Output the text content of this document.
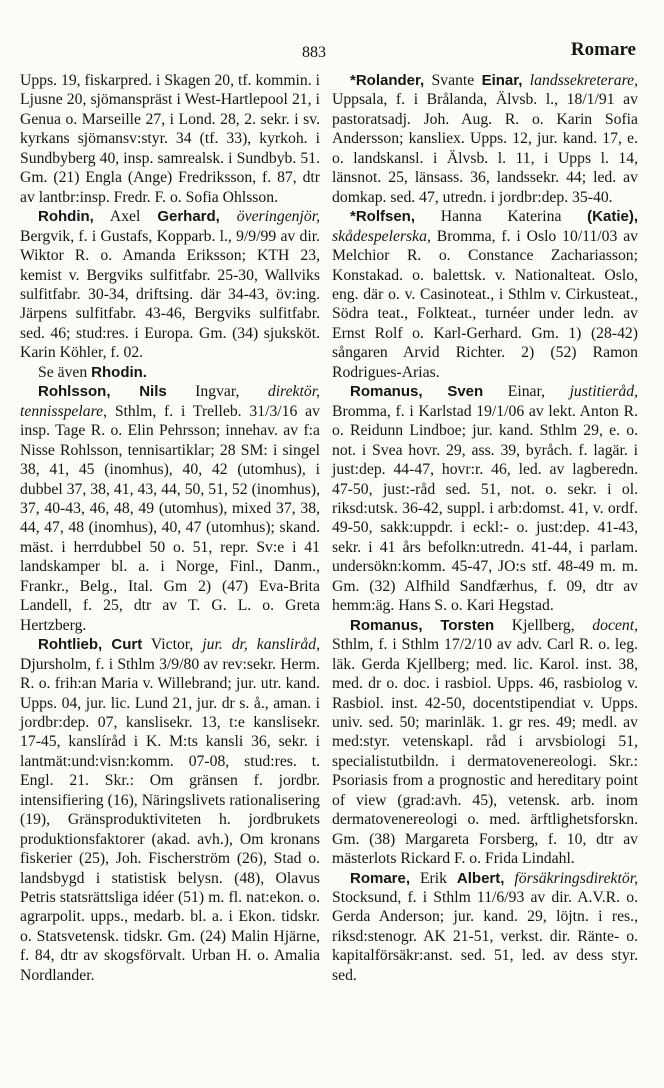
883	Romare

Upps. 19, fiskarpred. i Skagen 20, tf. kommin. i Ljusne 20, sjömanspräst i West-Hartlepool 21, i Genua o. Marseille 27, i Lond. 28, 2. sekr. i sv. kyrkans sjömansv:styr. 34 (tf. 33), kyrkoh. i Sundbyberg 40, insp. samrealsk. i Sundbyb. 51. Gm. (21) Engla (Ange) Fredriksson, f. 87, dtr av lantbr:insp. Fredr. F. o. Sofia Ohlsson.

Rohdin, Axel Gerhard, överingenjör, Bergvik, f. i Gustafs, Kopparb. l., 9/9/99 av dir. Wiktor R. o. Amanda Eriksson; KTH 23, kemist v. Bergviks sulfitfabr. 25-30, Wallviks sulfitfabr. 30-34, driftsing. där 34-43, öv:ing. Järpens sulfitfabr. 43-46, Bergviks sulfitfabr. sed. 46; stud:res. i Europa. Gm. (34) sjuksköt. Karin Köhler, f. 02.

Se även Rhodin.

Rohlsson, Nils Ingvar, direktör, tennisspelare, Sthlm, f. i Trelleb. 31/3/16 av insp. Tage R. o. Elin Pehrsson; innehav. av f:a Nisse Rohlsson, tennisartiklar; 28 SM: i singel 38, 41, 45 (inomhus), 40, 42 (utomhus), i dubbel 37, 38, 41, 43, 44, 50, 51, 52 (inomhus), 37, 40-43, 46, 48, 49 (utomhus), mixed 37, 38, 44, 47, 48 (inomhus), 40, 47 (utomhus); skand. mäst. i herrdubbel 50 o. 51, repr. Sv:e i 41 landskamper bl. a. i Norge, Finl., Danm., Frankr., Belg., Ital. Gm 2) (47) Eva-Brita Landell, f. 25, dtr av T. G. L. o. Greta Hertzberg.

Rohtlieb, Curt Victor, jur. dr, kansliråd, Djursholm, f. i Sthlm 3/9/80 av rev:sekr. Herm. R. o. frih:an Maria v. Willebrand; jur. utr. kand. Upps. 04, jur. lic. Lund 21, jur. dr s. å., aman. i jordbr:dep. 07, kanslisekr. 13, t:e kanslisekr. 17-45, kanslíråd i K. M:ts kansli 36, sekr. i lantmät:und:visn:komm. 07-08, stud:res. t. Engl. 21. Skr.: Om gränsen f. jordbr. intensifiering (16), Näringslivets rationalisering (19), Gränsproduktiviteten h. jordbrukets produktionsfaktorer (akad. avh.), Om kronans fiskerier (25), Joh. Fischerström (26), Stad o. landsbygd i statistisk belysn. (48), Olavus Petris statsrättsliga idéer (51) m. fl. nat:ekon. o. agrarpolit. upps., medarb. bl. a. i Ekon. tidskr. o. Statsvetensk. tidskr. Gm. (24) Malin Hjärne, f. 84, dtr av skogsförvalt. Urban H. o. Amalia Nordlander.

*Rolander, Svante Einar, landssekreterare, Uppsala, f. i Brålanda, Älvsb. l., 18/1/91 av pastoratsadj. Joh. Aug. R. o. Karin Sofia Andersson; kansliex. Upps. 12, jur. kand. 17, e. o. landskansl. i Älvsb. l. 11, i Upps l. 14, länsnot. 25, länsass. 36, landssekr. 44; led. av domkap. sed. 47, utredn. i jordbr:dep. 35-40.

*Rolfsen, Hanna Katerina (Katie), skådespelerska, Bromma, f. i Oslo 10/11/03 av Melchior R. o. Constance Zachariasson; Konstakad. o. balettsk. v. Nationalteat. Oslo, eng. där o. v. Casinoteat., i Sthlm v. Cirkusteat., Södra teat., Folkteat., turnéer under ledn. av Ernst Rolf o. Karl-Gerhard. Gm. 1) (28-42) sångaren Arvid Richter. 2) (52) Ramon Rodrigues-Arias.

Romanus, Sven Einar, justitieråd, Bromma, f. i Karlstad 19/1/06 av lekt. Anton R. o. Reidunn Lindboe; jur. kand. Sthlm 29, e. o. not. i Svea hovr. 29, ass. 39, byråch. f. lagär. i just:dep. 44-47, hovr:r. 46, led. av lagberedn. 47-50, just:-råd sed. 51, not. o. sekr. i ol. riksd:utsk. 36-42, suppl. i arb:domst. 41, v. ordf. 49-50, sakk:uppdr. i eckl:- o. just:dep. 41-43, sekr. i 41 års befolkn:utredn. 41-44, i parlam. undersökn:komm. 45-47, JO:s stf. 48-49 m. m. Gm. (32) Alfhild Sandfærhus, f. 09, dtr av hemm:äg. Hans S. o. Kari Hegstad.

Romanus, Torsten Kjellberg, docent, Sthlm, f. i Sthlm 17/2/10 av adv. Carl R. o. leg. läk. Gerda Kjellberg; med. lic. Karol. inst. 38, med. dr o. doc. i rasbiol. Upps. 46, rasbiolog v. Rasbiol. inst. 42-50, docentstipendiat v. Upps. univ. sed. 50; marinläk. 1. gr res. 49; medl. av med:styr. vetenskapl. råd i arvsbiologi 51, specialistutbildn. i dermatovenereologi. Skr.: Psoriasis from a prognostic and hereditary point of view (grad:avh. 45), vetensk. arb. inom dermatovenereologi o. med. ärftlighetsforskn. Gm. (38) Margareta Forsberg, f. 10, dtr av mästerlots Rickard F. o. Frida Lindahl.

Romare, Erik Albert, försäkringsdirektör, Stocksund, f. i Sthlm 11/6/93 av dir. A.V.R. o. Gerda Anderson; jur. kand. 29, löjtn. i res., riksd:stenogr. AK 21-51, verkst. dir. Ränte- o. kapitalförsäkr:anst. sed. 51, led. av dess styr. sed.
